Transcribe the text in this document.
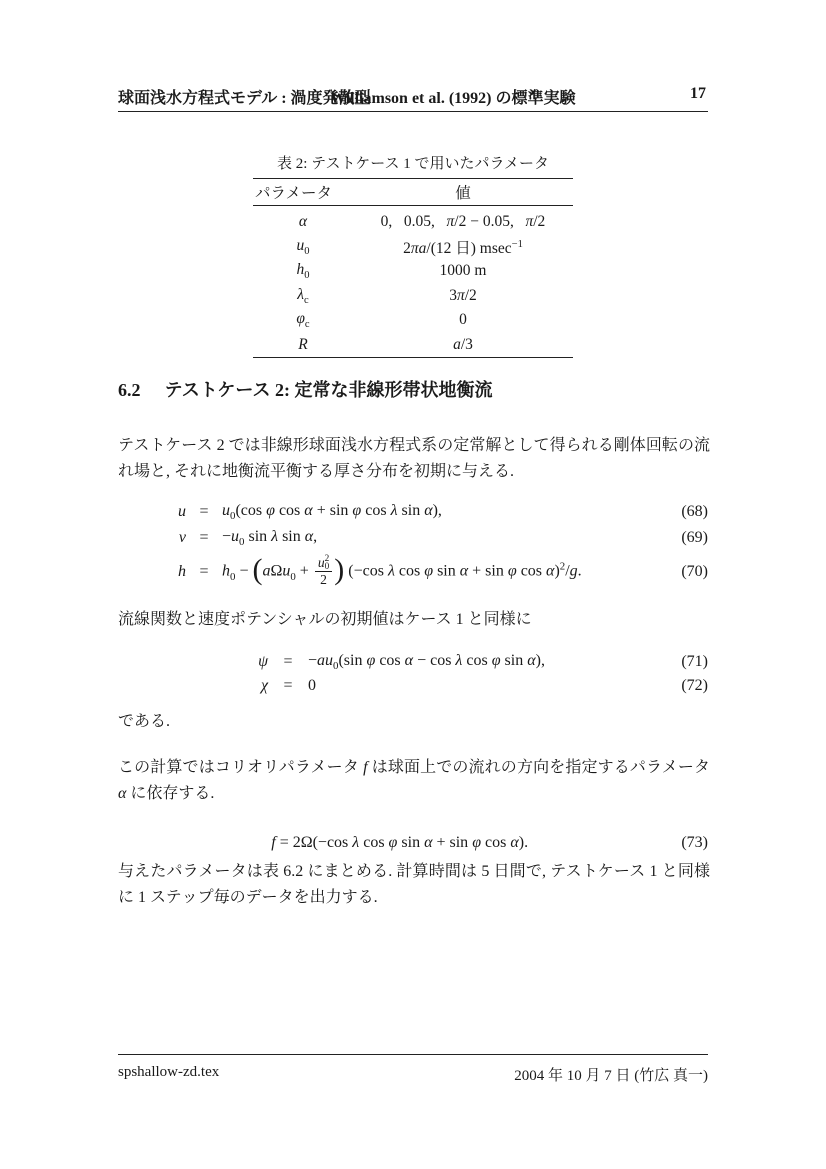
球面浅水方程式モデル : 渦度発散型
Williamson et al. (1992) の標準実験	17

表 2: テストケース 1 で用いたパラメータ

パラメータ	値
α	0,  0.05,  π/2 − 0.05,  π/2
$u_0$	2πa/(12 日) msec$^{-1}$
$h_0$	1000 m
$\lambda_c$	3π/2
$\varphi_c$	0
R	a/3
6.2 テストケース 2: 定常な非線形帯状地衡流
テストケース 2 では非線形球面浅水方程式系の定常解として得られる剛体回転の流れ場と, それに地衡流平衡する厚さ分布を初期に与える.
$u = u_0(\cos$ φ cos α + sin φ cos λ sin α),	(68)
$v = -u_0$ sin λ sin α,	(69)
$h = h_0 - (a\Omega u_0 + u$ 2
0
2 ) (−cos λ cos φ sin α + sin φ cos α)$^2$/g.	(70)
流線関数と速度ポテンシャルの初期値はケース 1 と同様に
$\psi = -au_0(\sin$ φ cos α − cos λ cos φ sin α),	(71)
χ = 0	(72)
である.
この計算ではコリオリパラメータ f は球面上での流れの方向を指定するパラメータ α に依存する.
f = 2Ω(−cos λ cos φ sin α + sin φ cos α).	(73)
与えたパラメータは表 6.2 にまとめる. 計算時間は 5 日間で, テストケース 1 と同様に 1 ステップ毎のデータを出力する.
spshallow-zd.tex	2004 年 10 月 7 日 (竹広 真一)
